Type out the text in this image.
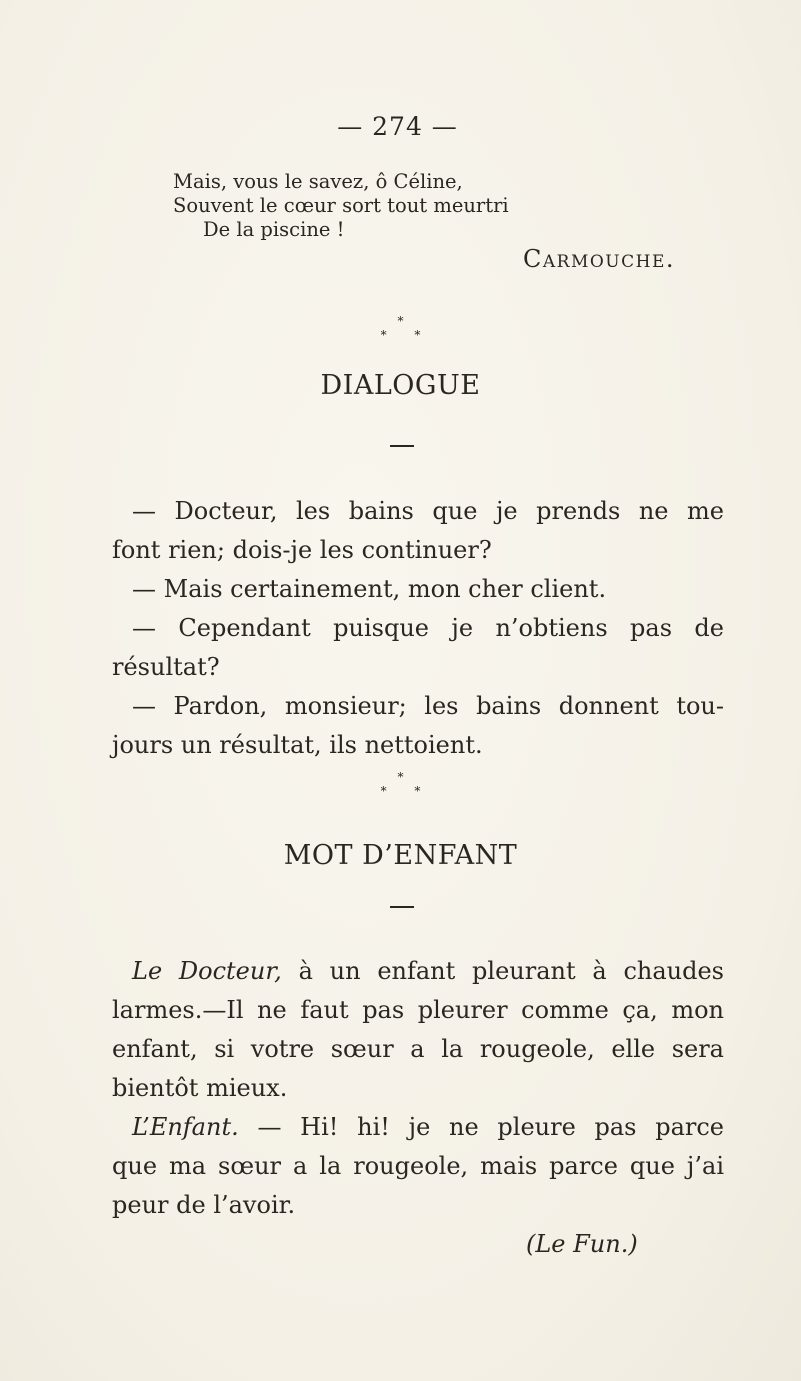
— 274 —
Mais, vous le savez, ô Céline,
Souvent le cœur sort tout meurtri
De la piscine !
Carmouche.
*
* *
DIALOGUE
— Docteur, les bains que je prends ne me
font rien; dois-je les continuer?
— Mais certainement, mon cher client.
— Cependant puisque je n’obtiens pas de
résultat?
— Pardon, monsieur; les bains donnent tou-
jours un résultat, ils nettoient.
*
* *
MOT D’ENFANT
Le Docteur, à un enfant pleurant à chaudes
larmes.—Il ne faut pas pleurer comme ça, mon
enfant, si votre sœur a la rougeole, elle sera
bientôt mieux.
L’Enfant. — Hi! hi! je ne pleure pas parce
que ma sœur a la rougeole, mais parce que j’ai
peur de l’avoir.
(Le Fun.)
